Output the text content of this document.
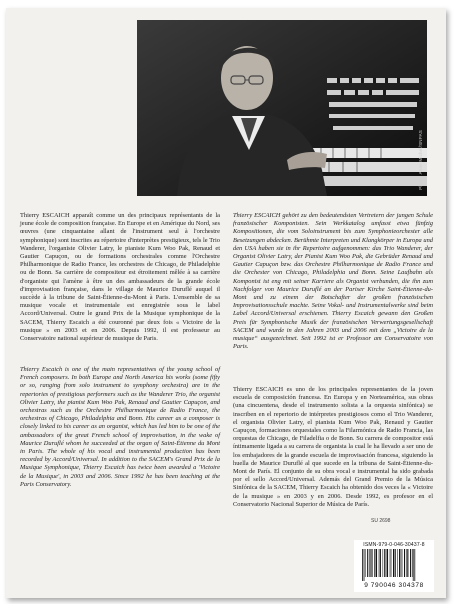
Photo: Anne Michel/SNPAS

Thierry ESCAICH apparaît comme un des principaux représentants de la jeune école de composition française. En Europe et en Amérique du Nord, ses œuvres (une cinquantaine allant de l'instrument seul à l'orchestre symphonique) sont inscrites au répertoire d'interprètes prestigieux, tels le Trio Wanderer, l'organiste Olivier Latry, le pianiste Kum Woo Pak, Renaud et Gautier Capuçon, ou de formations orchestrales comme l'Orchestre Philharmonique de Radio France, les orchestres de Chicago, de Philadelphie ou de Bonn. Sa carrière de compositeur est étroitement mêlée à sa carrière d'organiste qui l'amène à être un des ambassadeurs de la grande école d'improvisation française, dans le village de Maurice Duruflé auquel il succède à la tribune de Saint-Étienne-du-Mont à Paris. L'ensemble de sa musique vocale et instrumentale est enregistrée sous le label Accord/Universal. Outre le grand Prix de la Musique symphonique de la SACEM, Thierry Escaich a été couronné par deux fois « Victoire de la musique » en 2003 et en 2006. Depuis 1992, il est professeur au Conservatoire national supérieur de musique de Paris.

Thierry ESCAICH gehört zu den bedeutendsten Vertretern der jungen Schule französischer Komponisten. Sein Werkkatalog umfasst etwa fünfzig Kompositionen, die vom Soloinstrument bis zum Symphonieorchester alle Besetzungen abdecken. Berühmte Interpreten und Klangkörper in Europa und den USA haben sie in ihr Repertoire aufgenommen: das Trio Wanderer, der Organist Olivier Latry, der Pianist Kum Woo Pak, die Gebrüder Renaud und Gautier Capuçon bzw. das Orchestre Philharmonique de Radio France und die Orchester von Chicago, Philadelphia und Bonn. Seine Laufbahn als Komponist ist eng mit seiner Karriere als Organist verbunden, die ihn zum Nachfolger von Maurice Duruflé an der Pariser Kirche Saint-Étienne-du-Mont und zu einem der Botschafter der großen französischen Improvisationsschule machte. Seine Vokal- und Instrumentalwerke sind beim Label Accord/Universal erschienen. Thierry Escaich gewann den Großen Preis für Symphonische Musik der französischen Verwertungsgesellschaft SACEM und wurde in den Jahren 2003 und 2006 mit dem „Victoire de la musique“ ausgezeichnet. Seit 1992 ist er Professor am Conservatoire von Paris.

Thierry Escaich is one of the main representatives of the young school of French composers. In both Europe and North America his works (some fifty or so, ranging from solo instrument to symphony orchestra) are in the repertories of prestigious performers such as the Wanderer Trio, the organist Olivier Latry, the pianist Kum Woo Pak, Renaud and Gautier Capuçon, and orchestras such as the Orchestre Philharmonique de Radio France, the orchestras of Chicago, Philadelphia and Bonn. His career as a composer is closely linked to his career as an organist, which has led him to be one of the ambassadors of the great French school of improvisation, in the wake of Maurice Duruflé whom he succeeded at the organ of Saint-Étienne du Mont in Paris. The whole of his vocal and instrumental production has been recorded by Accord/Universal. In addition to the SACEM's Grand Prix de la Musique Symphonique, Thierry Escaich has twice been awarded a 'Victoire de la Musique', in 2003 and 2006. Since 1992 he has been teaching at the Paris Conservatory.

Thierry ESCAICH es uno de los principales representantes de la joven escuela de composición francesa. En Europa y en Norteamérica, sus obras (una cincuentena, desde el instrumento solista a la orquesta sinfónica) se inscriben en el repertorio de intérpretes prestigiosos como el Trio Wanderer, el organista Olivier Latry, el pianista Kum Woo Pak, Renaud y Gautier Capuçon, formaciones orquestales como la Filarmónica de Radio Francia, las orquestas de Chicago, de Filadelfia o de Bonn. Su carrera de compositor está íntimamente ligada a su carrera de organista la cual le ha llevado a ser uno de los embajadores de la grande escuela de improvisación francesa, siguiendo la huella de Maurice Duruflé al que sucede en la tribuna de Saint-Étienne-du-Mont de París. El conjunto de su obra vocal e instrumental ha sido grabada por el sello Accord/Universal. Además del Grand Premio de la Música Sinfónica de la SACEM, Thierry Escaich ha obtenido dos veces la « Victoire de la musique » en 2003 y en 2006. Desde 1992, es profesor en el Conservatorio Nacional Superior de Música de París.

SU 2698
ISMN-979-0-046-30437-8
9 790046 304378
